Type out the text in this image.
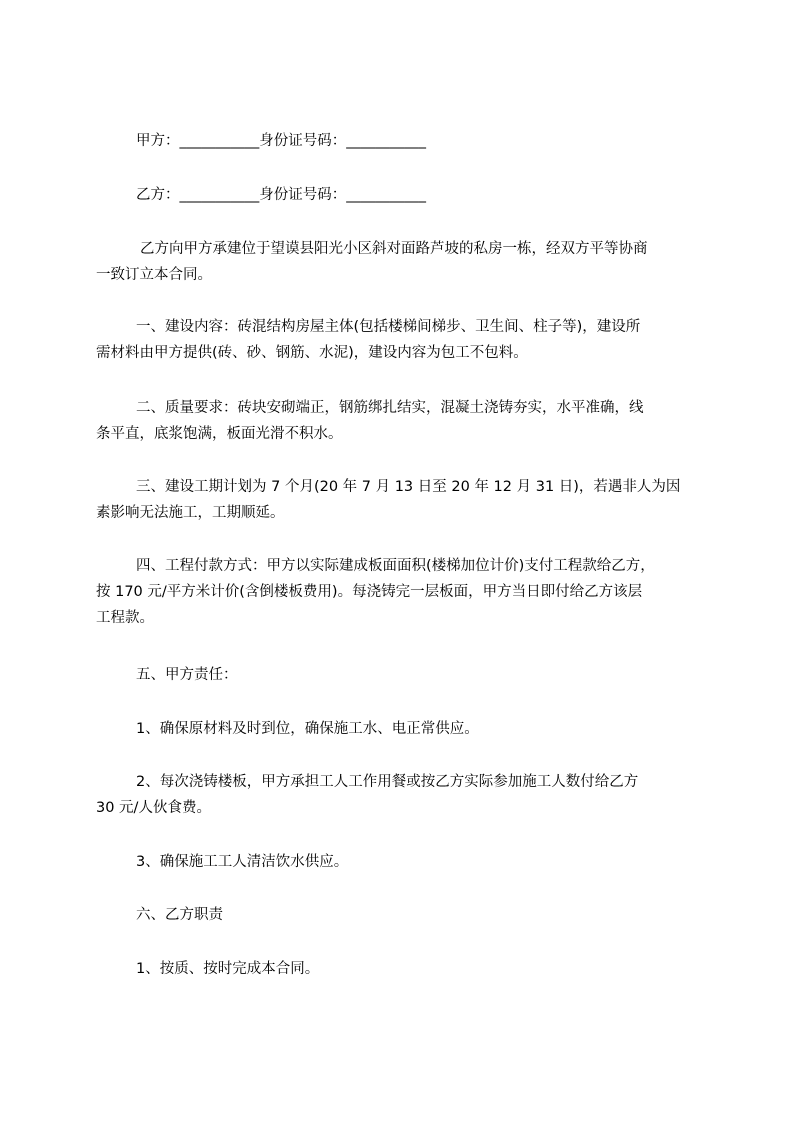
甲方：___________身份证号码：___________

乙方：___________身份证号码：___________

乙方向甲方承建位于望谟县阳光小区斜对面路芦坡的私房一栋，经双方平等协商
一致订立本合同。

一、建设内容：砖混结构房屋主体(包括楼梯间梯步、卫生间、柱子等)，建设所
需材料由甲方提供(砖、砂、钢筋、水泥)，建设内容为包工不包料。

二、质量要求：砖块安砌端正，钢筋绑扎结实，混凝土浇铸夯实，水平准确，线
条平直，底浆饱满，板面光滑不积水。

三、建设工期计划为 7 个月(20 年 7 月 13 日至 20 年 12 月 31 日)，若遇非人为因
素影响无法施工，工期顺延。

四、工程付款方式：甲方以实际建成板面面积(楼梯加位计价)支付工程款给乙方，
按 170 元/平方米计价(含倒楼板费用)。每浇铸完一层板面，甲方当日即付给乙方该层
工程款。

五、甲方责任：

1、确保原材料及时到位，确保施工水、电正常供应。

2、每次浇铸楼板，甲方承担工人工作用餐或按乙方实际参加施工人数付给乙方
30 元/人伙食费。

3、确保施工工人清洁饮水供应。

六、乙方职责

1、按质、按时完成本合同。
